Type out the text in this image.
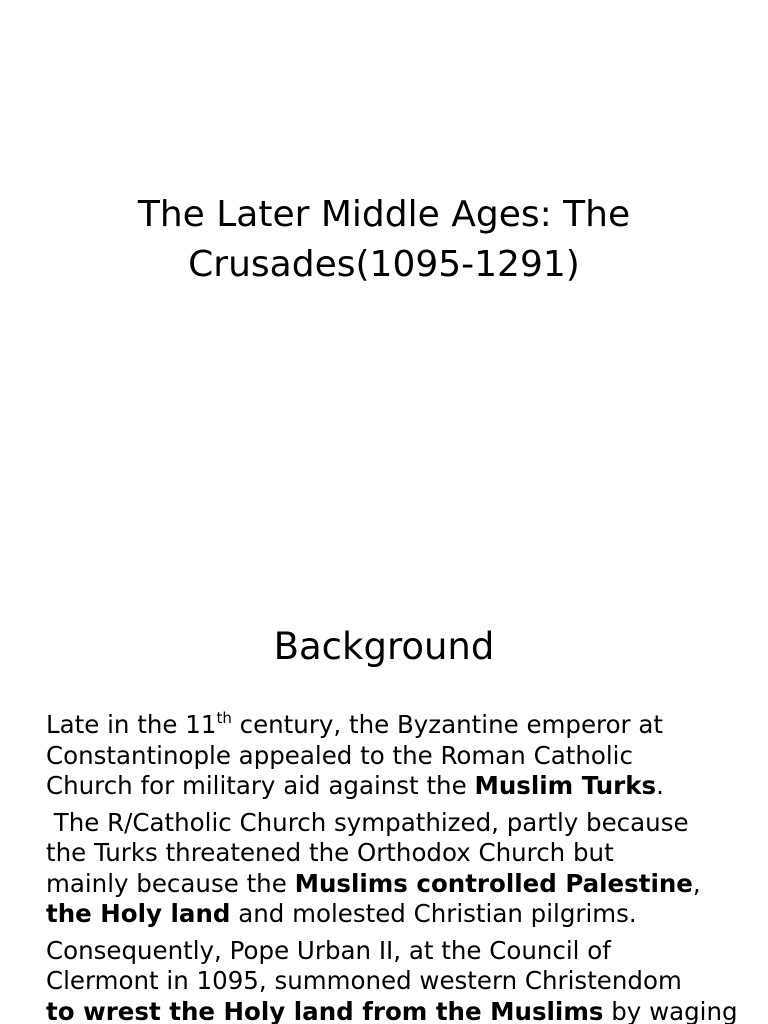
The Later Middle Ages: The
Crusades(1095-1291)
Background

Late in the 11th century, the Byzantine emperor at
Constantinople appealed to the Roman Catholic
Church for military aid against the Muslim Turks.

The R/Catholic Church sympathized, partly because
the Turks threatened the Orthodox Church but
mainly because the Muslims controlled Palestine,
the Holy land and molested Christian pilgrims.

Consequently, Pope Urban II, at the Council of
Clermont in 1095, summoned western Christendom
to wrest the Holy land from the Muslims by waging
